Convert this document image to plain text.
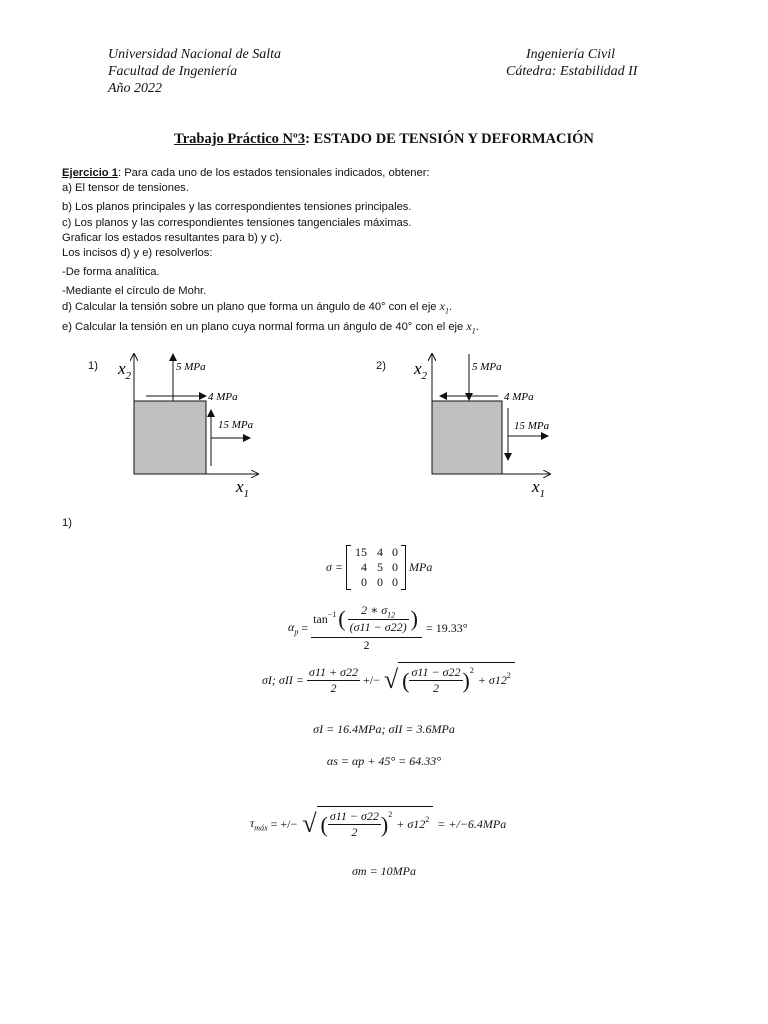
Universidad Nacional de Salta
Facultad de Ingeniería
Año 2022
Ingeniería Civil
Cátedra: Estabilidad II
Trabajo Práctico Nº3: ESTADO DE TENSIÓN Y DEFORMACIÓN
Ejercicio 1: Para cada uno de los estados tensionales indicados, obtener:
a) El tensor de tensiones.
b) Los planos principales y las correspondientes tensiones principales.
c) Los planos y las correspondientes tensiones tangenciales máximas.
Graficar los estados resultantes para b) y c).
Los incisos d) y e) resolverlos:
-De forma analítica.
-Mediante el círculo de Mohr.
d) Calcular la tensión sobre un plano que forma un ángulo de 40° con el eje $x_1$.
e) Calcular la tensión en un plano cuya normal forma un ángulo de 40° con el eje $x_1$.
1) $x_2$
$x_1$
5 MPa
4 MPa
15 MPa
2) $x_2$
$x_1$
5 MPa
4 MPa
15 MPa
1)
σ =
15	4	0
4	5	0
0	0	0
MPa
$\alpha_p = \frac{\tan^{-1} ( \frac{2 ∗ \sigma_{12}}{(\sigma 11 - \sigma 22)} )}{2} = 19.33^\circ$
σI; $\sigma II = \frac{\sigma 11 + \sigma 22}{2}$ +/− √ ( $\frac{\sigma 11 - \sigma 22}{2} )^2$
+ $\sigma 12^2$
σI = 16.4MPa; σII = 3.6MPa
αs = αp + 45° = 64.33°
$\tau_{máx}$ = +/− √ ( $\frac{\sigma 11 - \sigma 22}{2} )^2$
+ $\sigma 12^2 = +/-6.4MPa$
σm = 10MPa
